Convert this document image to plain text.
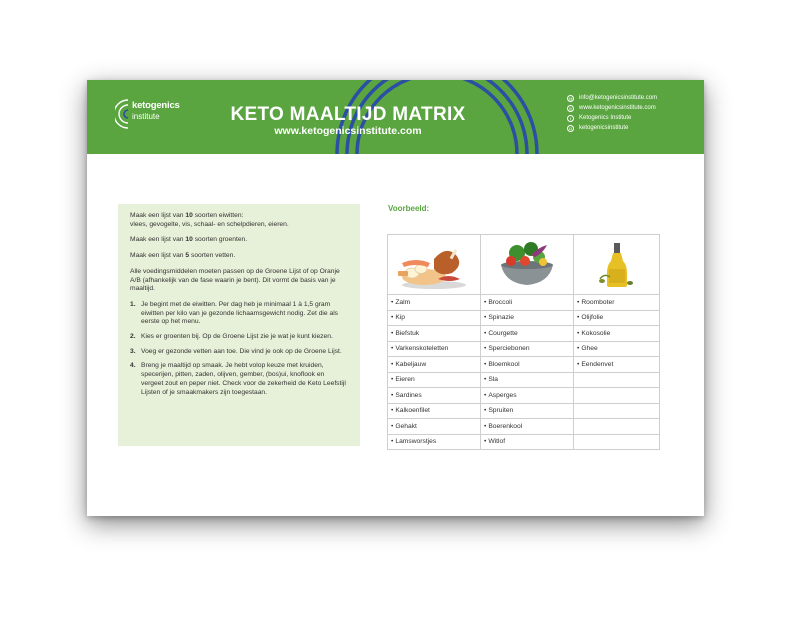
ketogenics
institute	KETO MAALTIJD MATRIX
www.ketogenicsinstitute.com
@ info@ketogenicsinstitute.com
◎ www.ketogenicsinstitute.com
f	Ketogenics Institute
◘	ketogenicsinstitute
Maak een lijst van 10 soorten eiwitten:
vlees, gevogelte, vis, schaal- en schelpdieren, eieren.
Maak een lijst van 10 soorten groenten.
Maak een lijst van 5 soorten vetten.
Alle voedingsmiddelen moeten passen op de Groene Lijst of op Oranje A/B (afhankelijk van de fase waarin je bent). Dit vormt de basis van je maaltijd.
1. Je begint met de eiwitten. Per dag heb je minimaal 1 à 1,5 gram eiwitten per kilo van je gezonde lichaamsgewicht nodig. Zet die als eerste op het menu.
2. Kies er groenten bij. Op de Groene Lijst zie je wat je kunt kiezen.
3. Voeg er gezonde vetten aan toe. Die vind je ook op de Groene Lijst.
4. Breng je maaltijd op smaak. Je hebt volop keuze met kruiden, specerijen, pitten, zaden, olijven, gember, (bos)ui, knoflook en vergeet zout en peper niet. Check voor de zekerheid de Keto Leefstijl Lijsten of je smaakmakers zijn toegestaan.
Voorbeeld:

• Zalm	• Broccoli	• Roomboter
• Kip	• Spinazie	• Olijfolie
• Biefstuk	• Courgette	• Kokosolie
• Varkenskoteletten	• Sperciebonen	• Ghee
• Kabeljauw	• Bloemkool	• Eendenvet
• Eieren	• Sla	
• Sardines	• Asperges	
• Kalkoenfilet	• Spruiten	
• Gehakt	• Boerenkool	
• Lamsworstjes	• Witlof	
